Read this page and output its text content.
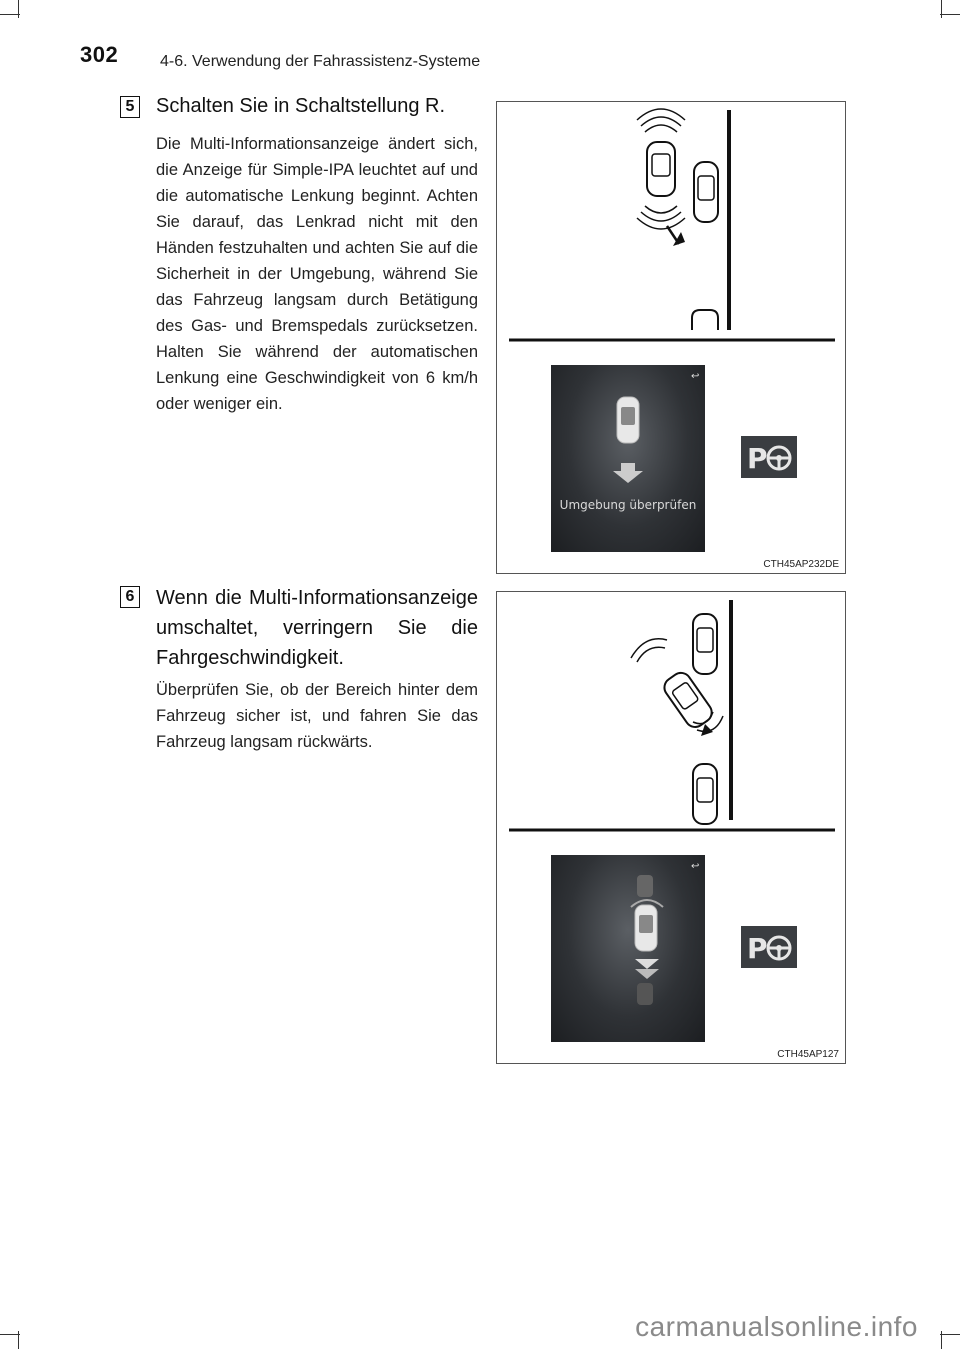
302	4-6. Verwendung der Fahrassistenz-Systeme
5 Schalten Sie in Schaltstellung R.
Die Multi-Informationsanzeige ändert sich, die Anzeige für Simple-IPA leuchtet auf und die automatische Lenkung beginnt. Achten Sie darauf, das Lenkrad nicht mit den Händen festzuhalten und achten Sie auf die Sicherheit in der Umgebung, während Sie das Fahrzeug langsam durch Betätigung des Gas- und Bremspedals zurücksetzen. Halten Sie während der automatischen Lenkung eine Geschwindigkeit von 6 km/h oder weniger ein.
↩
Umgebung überprüfen
P
CTH45AP232DE
6 Wenn die Multi-Informationsanzeige umschaltet, verringern Sie die Fahrgeschwindigkeit.
Überprüfen Sie, ob der Bereich hinter dem Fahrzeug sicher ist, und fahren Sie das Fahrzeug langsam rückwärts.
↩
P
CTH45AP127
carmanualsonline.info
